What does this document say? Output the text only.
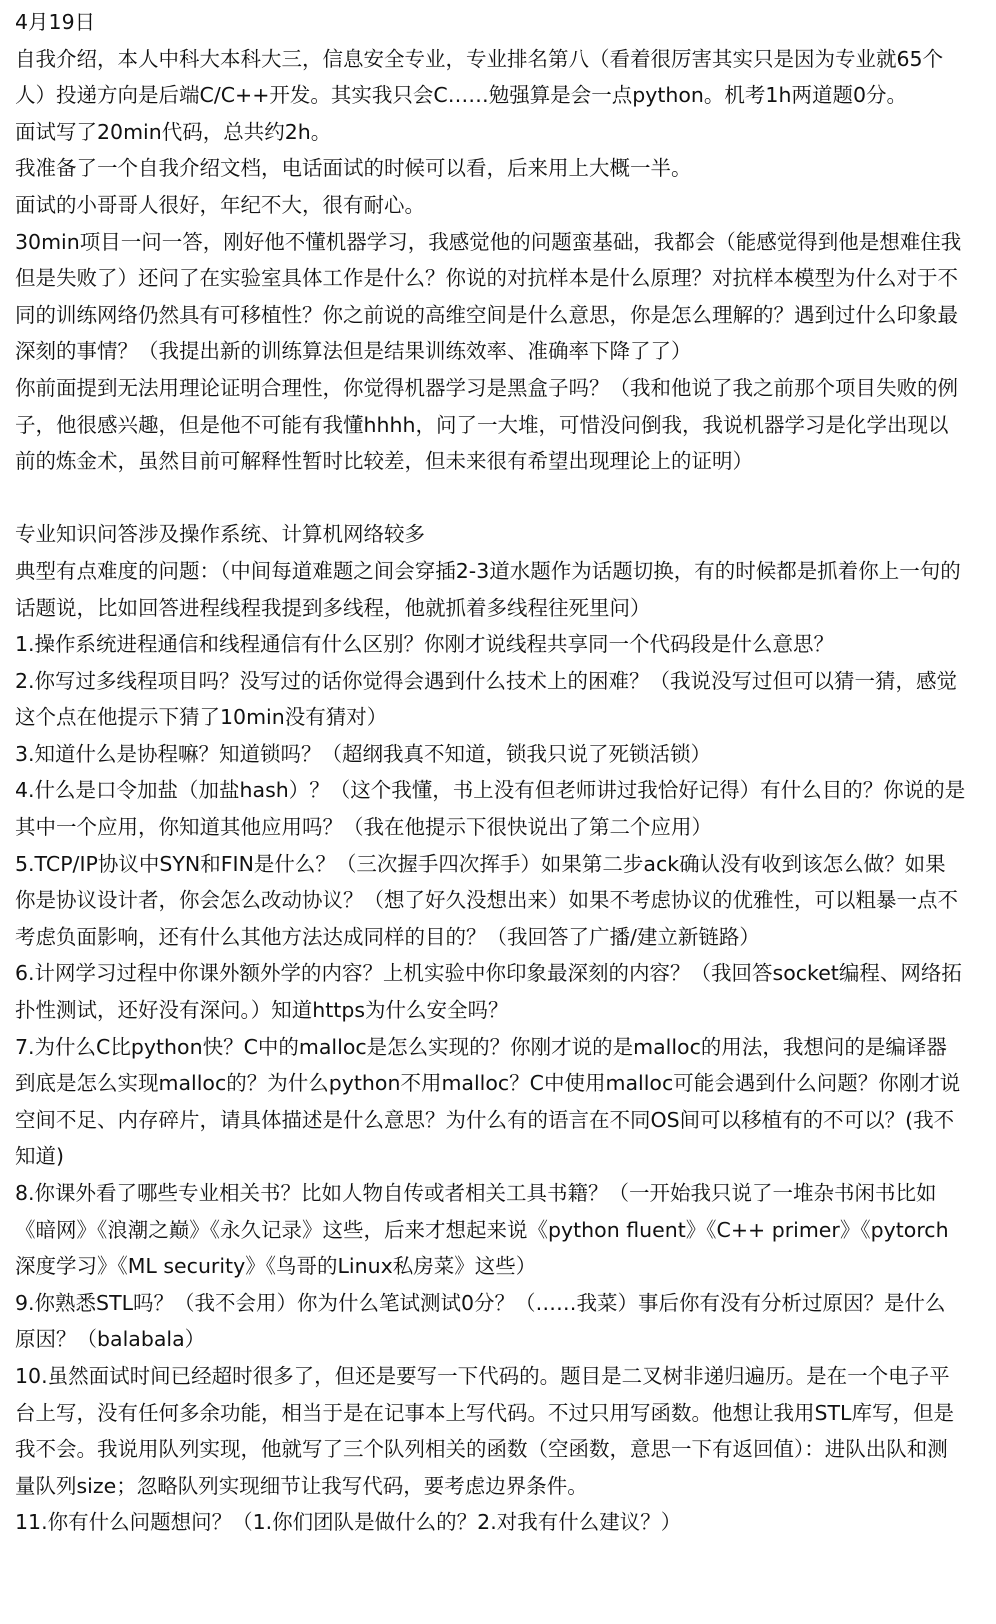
4月19日

自我介绍，本人中科大本科大三，信息安全专业，专业排名第八（看着很厉害其实只是因为专业就65个人）投递方向是后端C/C++开发。其实我只会C……勉强算是会一点python。机考1h两道题0分。

面试写了20min代码，总共约2h。

我准备了一个自我介绍文档，电话面试的时候可以看，后来用上大概一半。

面试的小哥哥人很好，年纪不大，很有耐心。

30min项目一问一答，刚好他不懂机器学习，我感觉他的问题蛮基础，我都会（能感觉得到他是想难住我但是失败了）还问了在实验室具体工作是什么？你说的对抗样本是什么原理？对抗样本模型为什么对于不同的训练网络仍然具有可移植性？你之前说的高维空间是什么意思，你是怎么理解的？遇到过什么印象最深刻的事情？（我提出新的训练算法但是结果训练效率、准确率下降了了）

你前面提到无法用理论证明合理性，你觉得机器学习是黑盒子吗？（我和他说了我之前那个项目失败的例子，他很感兴趣，但是他不可能有我懂hhhh，问了一大堆，可惜没问倒我，我说机器学习是化学出现以前的炼金术，虽然目前可解释性暂时比较差，但未来很有希望出现理论上的证明）

专业知识问答涉及操作系统、计算机网络较多

典型有点难度的问题：（中间每道难题之间会穿插2-3道水题作为话题切换，有的时候都是抓着你上一句的话题说，比如回答进程线程我提到多线程，他就抓着多线程往死里问）

1.操作系统进程通信和线程通信有什么区别？你刚才说线程共享同一个代码段是什么意思？

2.你写过多线程项目吗？没写过的话你觉得会遇到什么技术上的困难？（我说没写过但可以猜一猜，感觉这个点在他提示下猜了10min没有猜对）

3.知道什么是协程嘛？知道锁吗？（超纲我真不知道，锁我只说了死锁活锁）

4.什么是口令加盐（加盐hash）？（这个我懂，书上没有但老师讲过我恰好记得）有什么目的？你说的是其中一个应用，你知道其他应用吗？（我在他提示下很快说出了第二个应用）

5.TCP/IP协议中SYN和FIN是什么？（三次握手四次挥手）如果第二步ack确认没有收到该怎么做？如果你是协议设计者，你会怎么改动协议？（想了好久没想出来）如果不考虑协议的优雅性，可以粗暴一点不考虑负面影响，还有什么其他方法达成同样的目的？（我回答了广播/建立新链路）

6.计网学习过程中你课外额外学的内容？上机实验中你印象最深刻的内容？（我回答socket编程、网络拓扑性测试，还好没有深问。）知道https为什么安全吗？

7.为什么C比python快？C中的malloc是怎么实现的？你刚才说的是malloc的用法，我想问的是编译器到底是怎么实现malloc的？为什么python不用malloc？C中使用malloc可能会遇到什么问题？你刚才说空间不足、内存碎片，请具体描述是什么意思？为什么有的语言在不同OS间可以移植有的不可以？(我不知道)

8.你课外看了哪些专业相关书？比如人物自传或者相关工具书籍？（一开始我只说了一堆杂书闲书比如《暗网》《浪潮之巅》《永久记录》这些，后来才想起来说《python fluent》《C++ primer》《pytorch深度学习》《ML security》《鸟哥的Linux私房菜》这些）

9.你熟悉STL吗？（我不会用）你为什么笔试测试0分？（……我菜）事后你有没有分析过原因？是什么原因？（balabala）

10.虽然面试时间已经超时很多了，但还是要写一下代码的。题目是二叉树非递归遍历。是在一个电子平台上写，没有任何多余功能，相当于是在记事本上写代码。不过只用写函数。他想让我用STL库写，但是我不会。我说用队列实现，他就写了三个队列相关的函数（空函数，意思一下有返回值）：进队出队和测量队列size；忽略队列实现细节让我写代码，要考虑边界条件。

11.你有什么问题想问？（1.你们团队是做什么的？2.对我有什么建议？）
